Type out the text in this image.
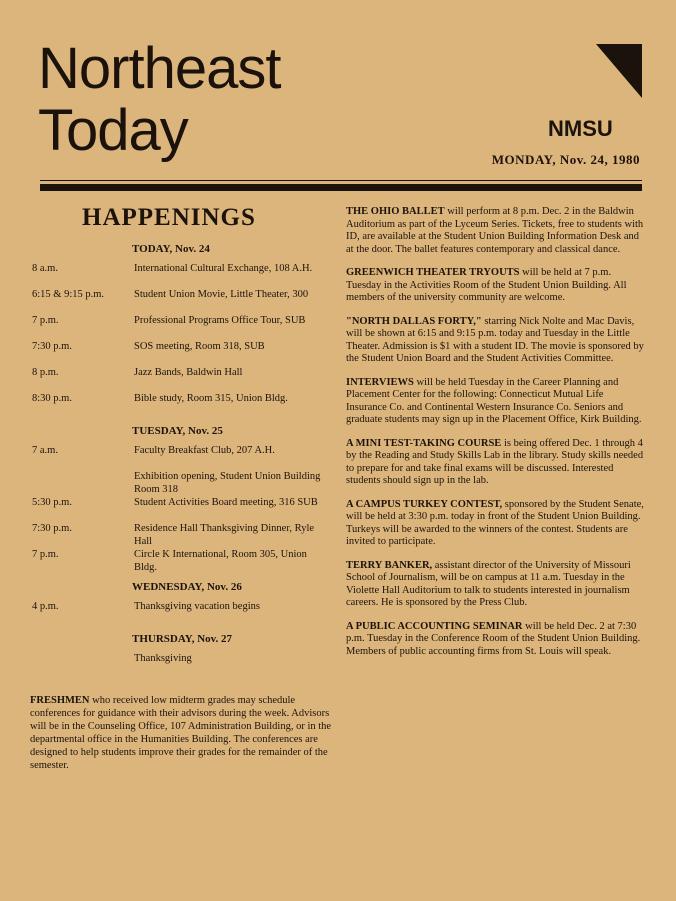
Northeast
Today	NMSU
MONDAY, Nov. 24, 1980
HAPPENINGS
TODAY, Nov. 24
8 a.m.	International Cultural Exchange, 108 A.H.
6:15 & 9:15 p.m.	Student Union Movie, Little Theater, 300
7 p.m.	Professional Programs Office Tour, SUB
7:30 p.m.	SOS meeting, Room 318, SUB
8 p.m.	Jazz Bands, Baldwin Hall
8:30 p.m.	Bible study, Room 315, Union Bldg.
TUESDAY, Nov. 25
7 a.m.	Faculty Breakfast Club, 207 A.H.
Exhibition opening, Student Union Building Room 318
5:30 p.m.	Student Activities Board meeting, 316 SUB
7:30 p.m.	Residence Hall Thanksgiving Dinner, Ryle Hall
7 p.m.	Circle K International, Room 305, Union Bldg.
WEDNESDAY, Nov. 26
4 p.m.	Thanksgiving vacation begins
THURSDAY, Nov. 27
Thanksgiving
FRESHMEN who received low midterm grades may schedule conferences for guidance with their advisors during the week. Advisors will be in the Counseling Office, 107 Administration Building, or in the departmental office in the Humanities Building. The conferences are designed to help students improve their grades for the remainder of the semester.
THE OHIO BALLET will perform at 8 p.m. Dec. 2 in the Baldwin Auditorium as part of the Lyceum Series. Tickets, free to students with ID, are available at the Student Union Building Information Desk and at the door. The ballet features contemporary and classical dance.
GREENWICH THEATER TRYOUTS will be held at 7 p.m. Tuesday in the Activities Room of the Student Union Building. All members of the university community are welcome.
"NORTH DALLAS FORTY," starring Nick Nolte and Mac Davis, will be shown at 6:15 and 9:15 p.m. today and Tuesday in the Little Theater. Admission is $1 with a student ID. The movie is sponsored by the Student Union Board and the Student Activities Committee.
INTERVIEWS will be held Tuesday in the Career Planning and Placement Center for the following: Connecticut Mutual Life Insurance Co. and Continental Western Insurance Co. Seniors and graduate students may sign up in the Placement Office, Kirk Building.
A MINI TEST-TAKING COURSE is being offered Dec. 1 through 4 by the Reading and Study Skills Lab in the library. Study skills needed to prepare for and take final exams will be discussed. Interested students should sign up in the lab.
A CAMPUS TURKEY CONTEST, sponsored by the Student Senate, will be held at 3:30 p.m. today in front of the Student Union Building. Turkeys will be awarded to the winners of the contest. Students are invited to participate.
TERRY BANKER, assistant director of the University of Missouri School of Journalism, will be on campus at 11 a.m. Tuesday in the Violette Hall Auditorium to talk to students interested in journalism careers. He is sponsored by the Press Club.
A PUBLIC ACCOUNTING SEMINAR will be held Dec. 2 at 7:30 p.m. Tuesday in the Conference Room of the Student Union Building. Members of public accounting firms from St. Louis will speak.
